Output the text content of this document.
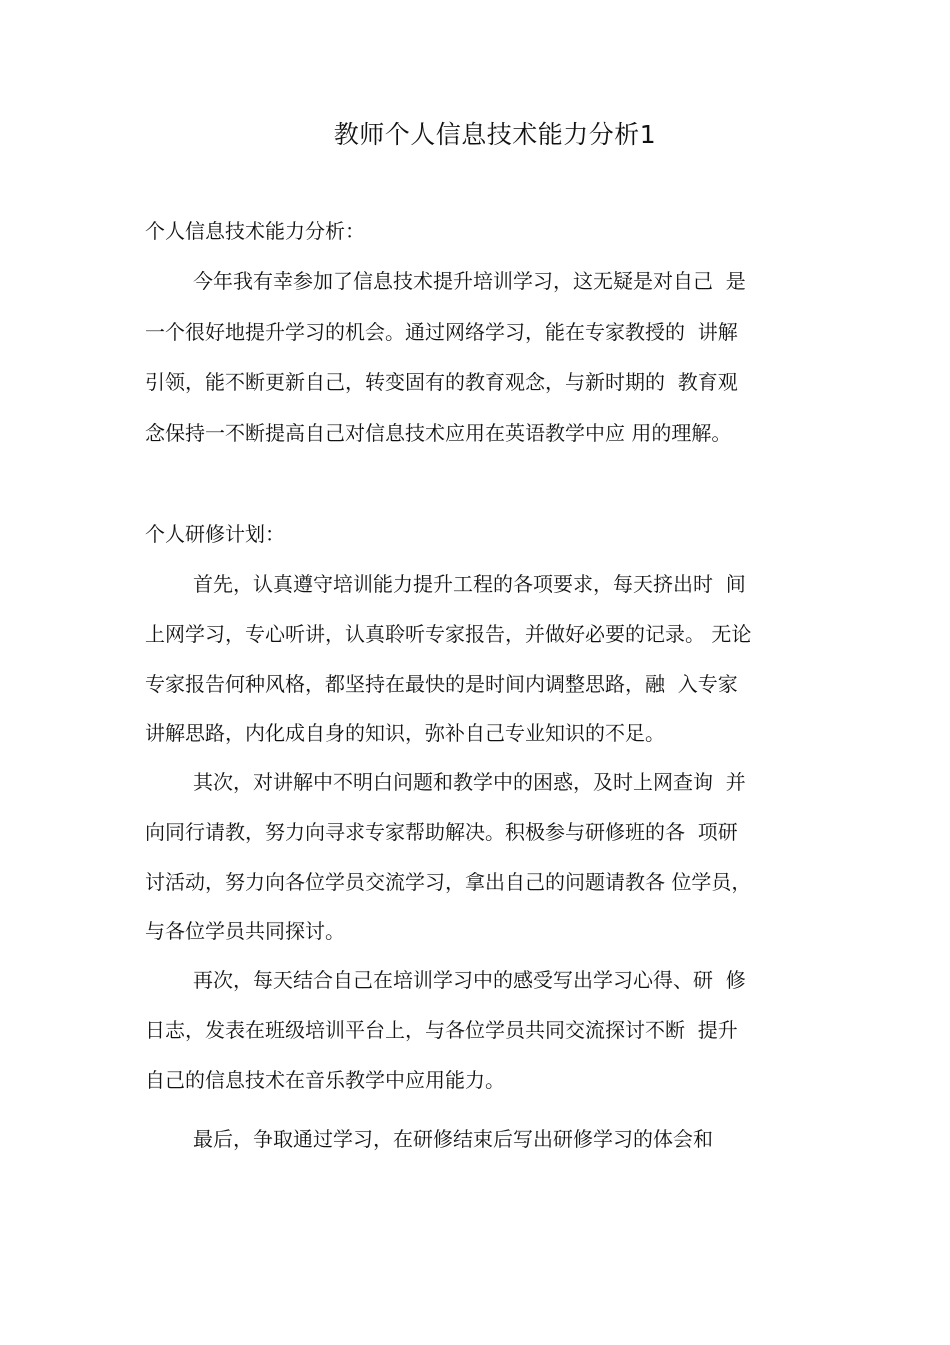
教师个人信息技术能力分析1
个人信息技术能力分析：
今年我有幸参加了信息技术提升培训学习，这无疑是对自己  是
一个很好地提升学习的机会。通过网络学习，能在专家教授的  讲解
引领，能不断更新自己，转变固有的教育观念，与新时期的  教育观
念保持一不断提高自己对信息技术应用在英语教学中应 用的理解。
个人研修计划：
首先，认真遵守培训能力提升工程的各项要求，每天挤出时  间
上网学习，专心听讲，认真聆听专家报告，并做好必要的记录。 无论
专家报告何种风格，都坚持在最快的是时间内调整思路，融  入专家
讲解思路，内化成自身的知识，弥补自己专业知识的不足。
其次，对讲解中不明白问题和教学中的困惑，及时上网查询  并
向同行请教，努力向寻求专家帮助解决。积极参与研修班的各  项研
讨活动，努力向各位学员交流学习，拿出自己的问题请教各 位学员，
与各位学员共同探讨。
再次，每天结合自己在培训学习中的感受写出学习心得、研  修
日志，发表在班级培训平台上，与各位学员共同交流探讨不断  提升
自己的信息技术在音乐教学中应用能力。
最后，争取通过学习，在研修结束后写出研修学习的体会和
